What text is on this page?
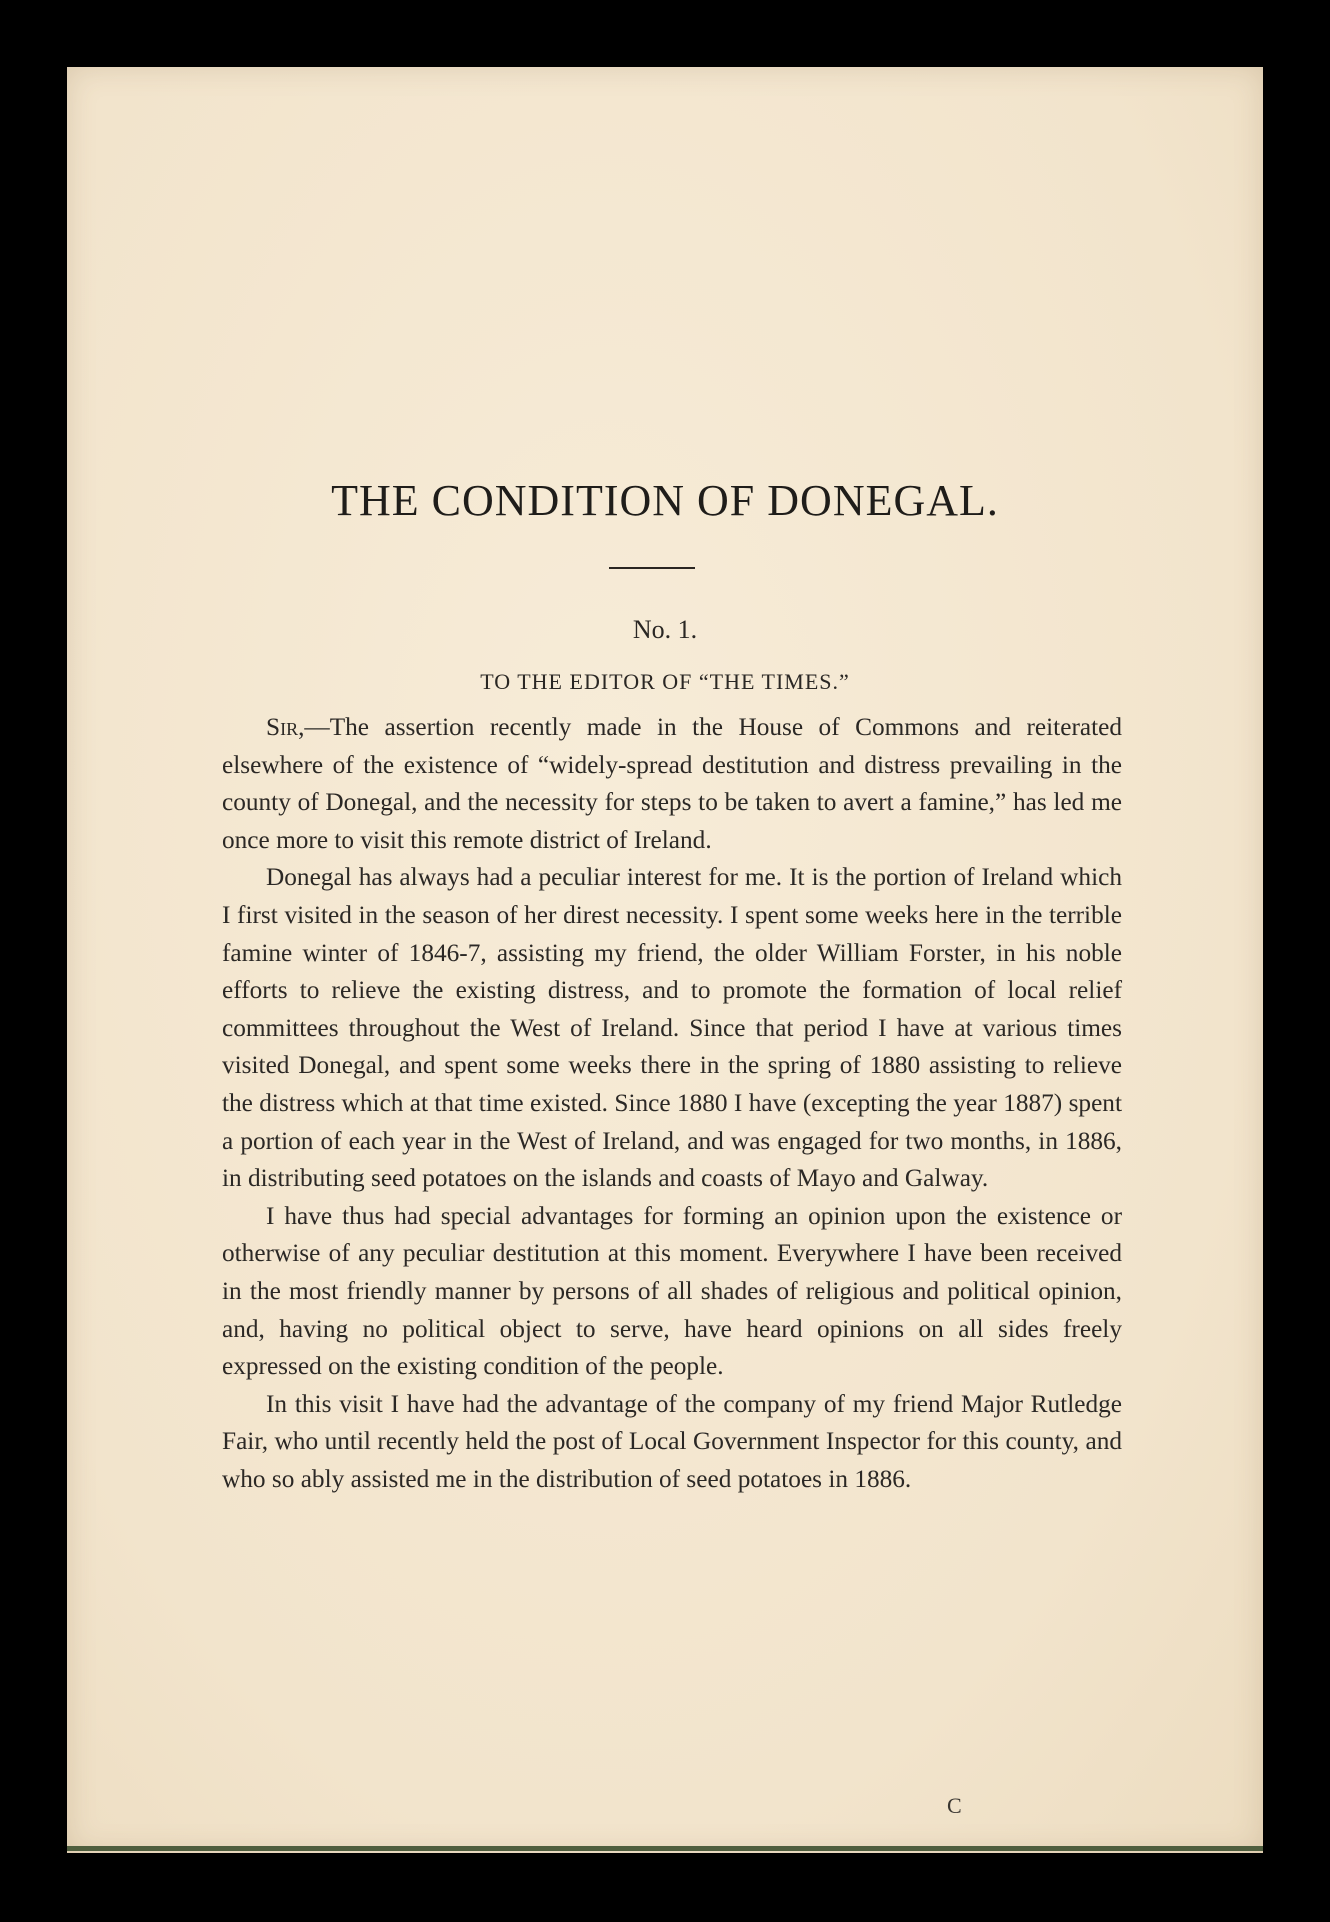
THE CONDITION OF DONEGAL.
No. 1.
TO THE EDITOR OF “THE TIMES.”

Sir,—The assertion recently made in the House of Commons and reiterated elsewhere of the existence of “widely-spread destitution and distress prevailing in the county of Donegal, and the necessity for steps to be taken to avert a famine,” has led me once more to visit this remote district of Ireland.

Donegal has always had a peculiar interest for me. It is the portion of Ireland which I first visited in the season of her direst necessity. I spent some weeks here in the terrible famine winter of 1846-7, assisting my friend, the older William Forster, in his noble efforts to relieve the existing distress, and to promote the formation of local relief committees throughout the West of Ireland. Since that period I have at various times visited Donegal, and spent some weeks there in the spring of 1880 assisting to relieve the distress which at that time existed. Since 1880 I have (excepting the year 1887) spent a portion of each year in the West of Ireland, and was engaged for two months, in 1886, in distributing seed potatoes on the islands and coasts of Mayo and Galway.

I have thus had special advantages for forming an opinion upon the existence or otherwise of any peculiar destitution at this moment. Everywhere I have been received in the most friendly manner by persons of all shades of religious and political opinion, and, having no political object to serve, have heard opinions on all sides freely expressed on the existing condition of the people.

In this visit I have had the advantage of the company of my friend Major Rutledge Fair, who until recently held the post of Local Government Inspector for this county, and who so ably assisted me in the distribution of seed potatoes in 1886.

C
